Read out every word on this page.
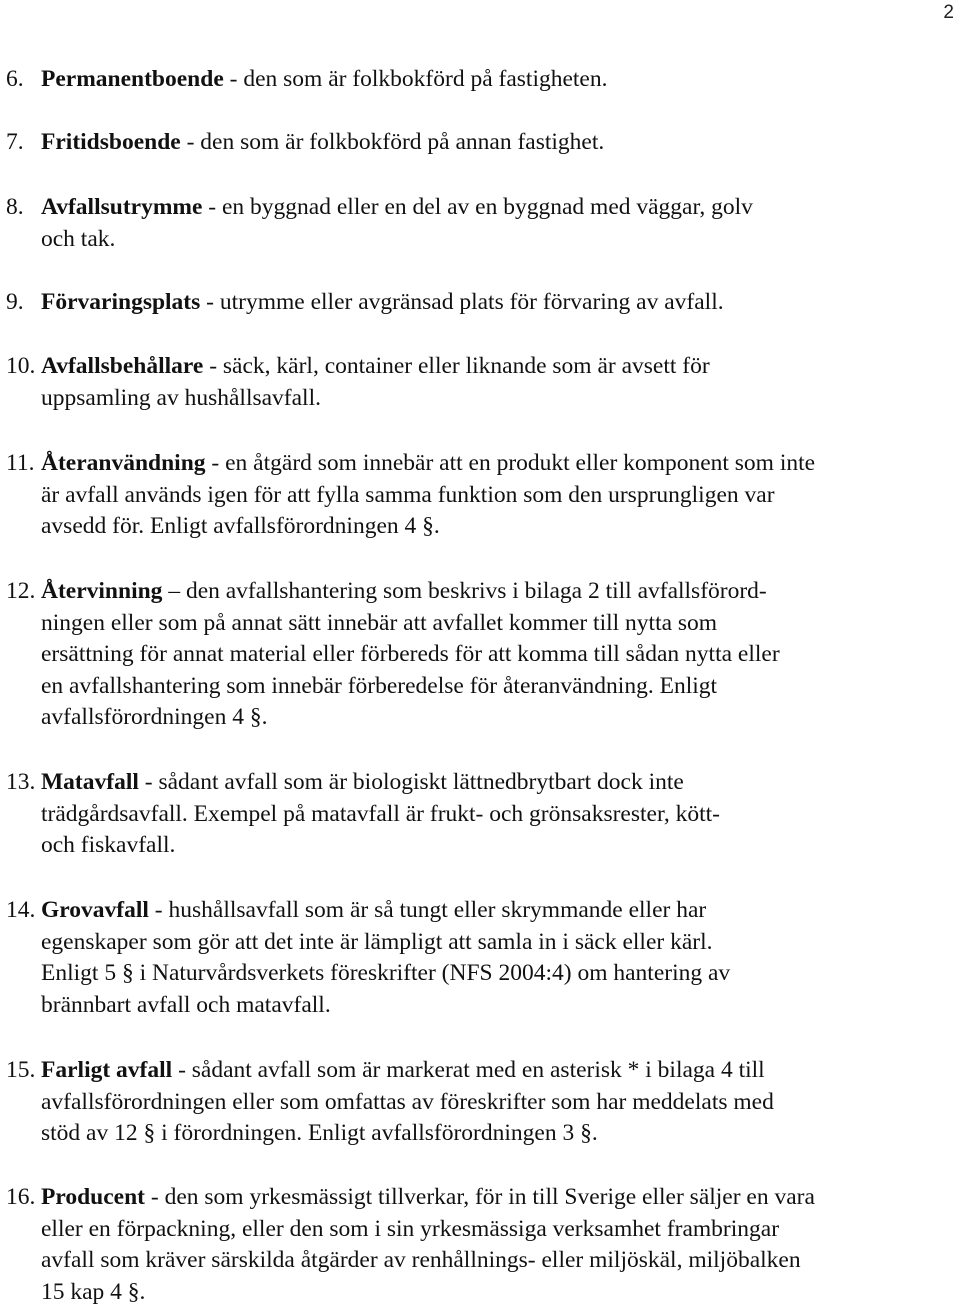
2
6. Permanentboende - den som är folkbokförd på fastigheten.
7. Fritidsboende - den som är folkbokförd på annan fastighet.
8. Avfallsutrymme - en byggnad eller en del av en byggnad med väggar, golv
och tak.
9. Förvaringsplats - utrymme eller avgränsad plats för förvaring av avfall.
10. Avfallsbehållare - säck, kärl, container eller liknande som är avsett för
uppsamling av hushållsavfall.
11. Återanvändning - en åtgärd som innebär att en produkt eller komponent som inte
är avfall används igen för att fylla samma funktion som den ursprungligen var
avsedd för. Enligt avfallsförordningen 4 §.
12. Återvinning – den avfallshantering som beskrivs i bilaga 2 till avfallsförord-
ningen eller som på annat sätt innebär att avfallet kommer till nytta som
ersättning för annat material eller förbereds för att komma till sådan nytta eller
en avfallshantering som innebär förberedelse för återanvändning. Enligt
avfallsförordningen 4 §.
13. Matavfall - sådant avfall som är biologiskt lättnedbrytbart dock inte
trädgårdsavfall. Exempel på matavfall är frukt- och grönsaksrester, kött-
och fiskavfall.
14. Grovavfall - hushållsavfall som är så tungt eller skrymmande eller har
egenskaper som gör att det inte är lämpligt att samla in i säck eller kärl.
Enligt 5 § i Naturvårdsverkets föreskrifter (NFS 2004:4) om hantering av
brännbart avfall och matavfall.
15. Farligt avfall - sådant avfall som är markerat med en asterisk * i bilaga 4 till
avfallsförordningen eller som omfattas av föreskrifter som har meddelats med
stöd av 12 § i förordningen. Enligt avfallsförordningen 3 §.
16. Producent - den som yrkesmässigt tillverkar, för in till Sverige eller säljer en vara
eller en förpackning, eller den som i sin yrkesmässiga verksamhet frambringar
avfall som kräver särskilda åtgärder av renhållnings- eller miljöskäl, miljöbalken
15 kap 4 §.
